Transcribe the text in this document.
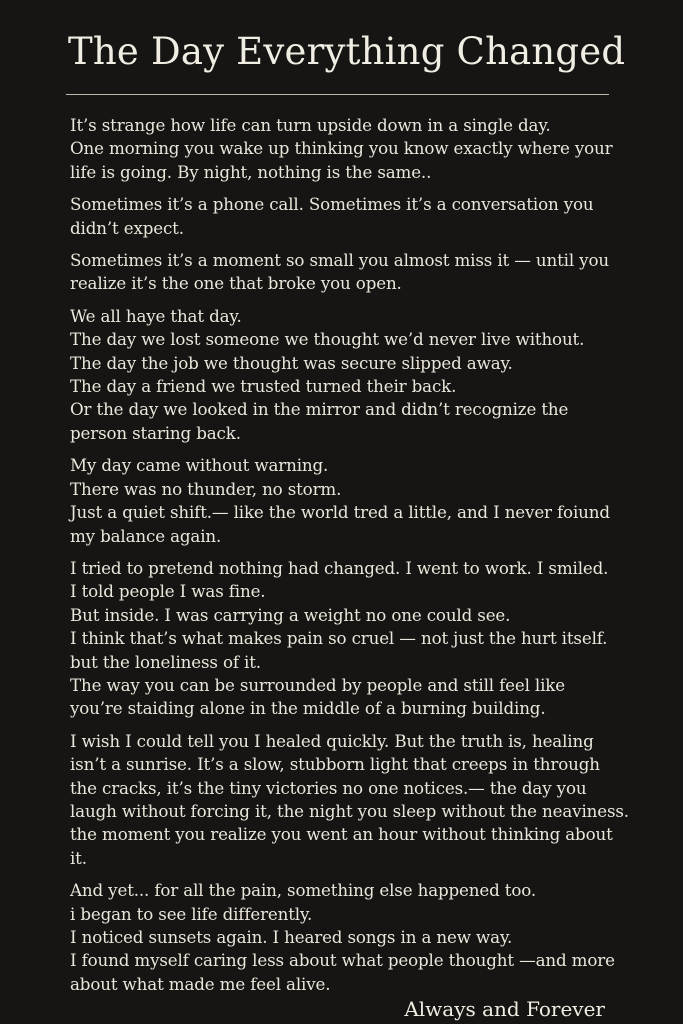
The Day Everything Changed

It’s strange how life can turn upside down in a single day.
One morning you wake up thinking you know exactly where your
life is going. By night, nothing is the same..

Sometimes it’s a phone call. Sometimes it’s a conversation you
didn’t expect.

Sometimes it’s a moment so small you almost miss it — until you
realize it’s the one that broke you open.

We all haye that day.
The day we lost someone we thought we’d never live without.
The day the job we thought was secure slipped away.
The day a friend we trusted turned their back.
Or the day we looked in the mirror and didn’t recognize the
person staring back.

My day came without warning.
There was no thunder, no storm.
Just a quiet shift.— like the world tred a little, and I never foiund
my balance again.

I tried to pretend nothing had changed. I went to work. I smiled.
I told people I was fine.
But inside. I was carrying a weight no one could see.
I think that’s what makes pain so cruel — not just the hurt itself.
but the loneliness of it.
The way you can be surrounded by people and still feel like
you’re staiding alone in the middle of a burning building.

I wish I could tell you I healed quickly. But the truth is, healing
isn’t a sunrise. It’s a slow, stubborn light that creeps in through
the cracks, it’s the tiny victories no one notices.— the day you
laugh without forcing it, the night you sleep without the neaviness.
the moment you realize you went an hour without thinking about
it.

And yet... for all the pain, something else happened too.
i began to see life differently.
I noticed sunsets again. I heared songs in a new way.
I found myself caring less about what people thought —and more
about what made me feel alive.

Always and Forever
